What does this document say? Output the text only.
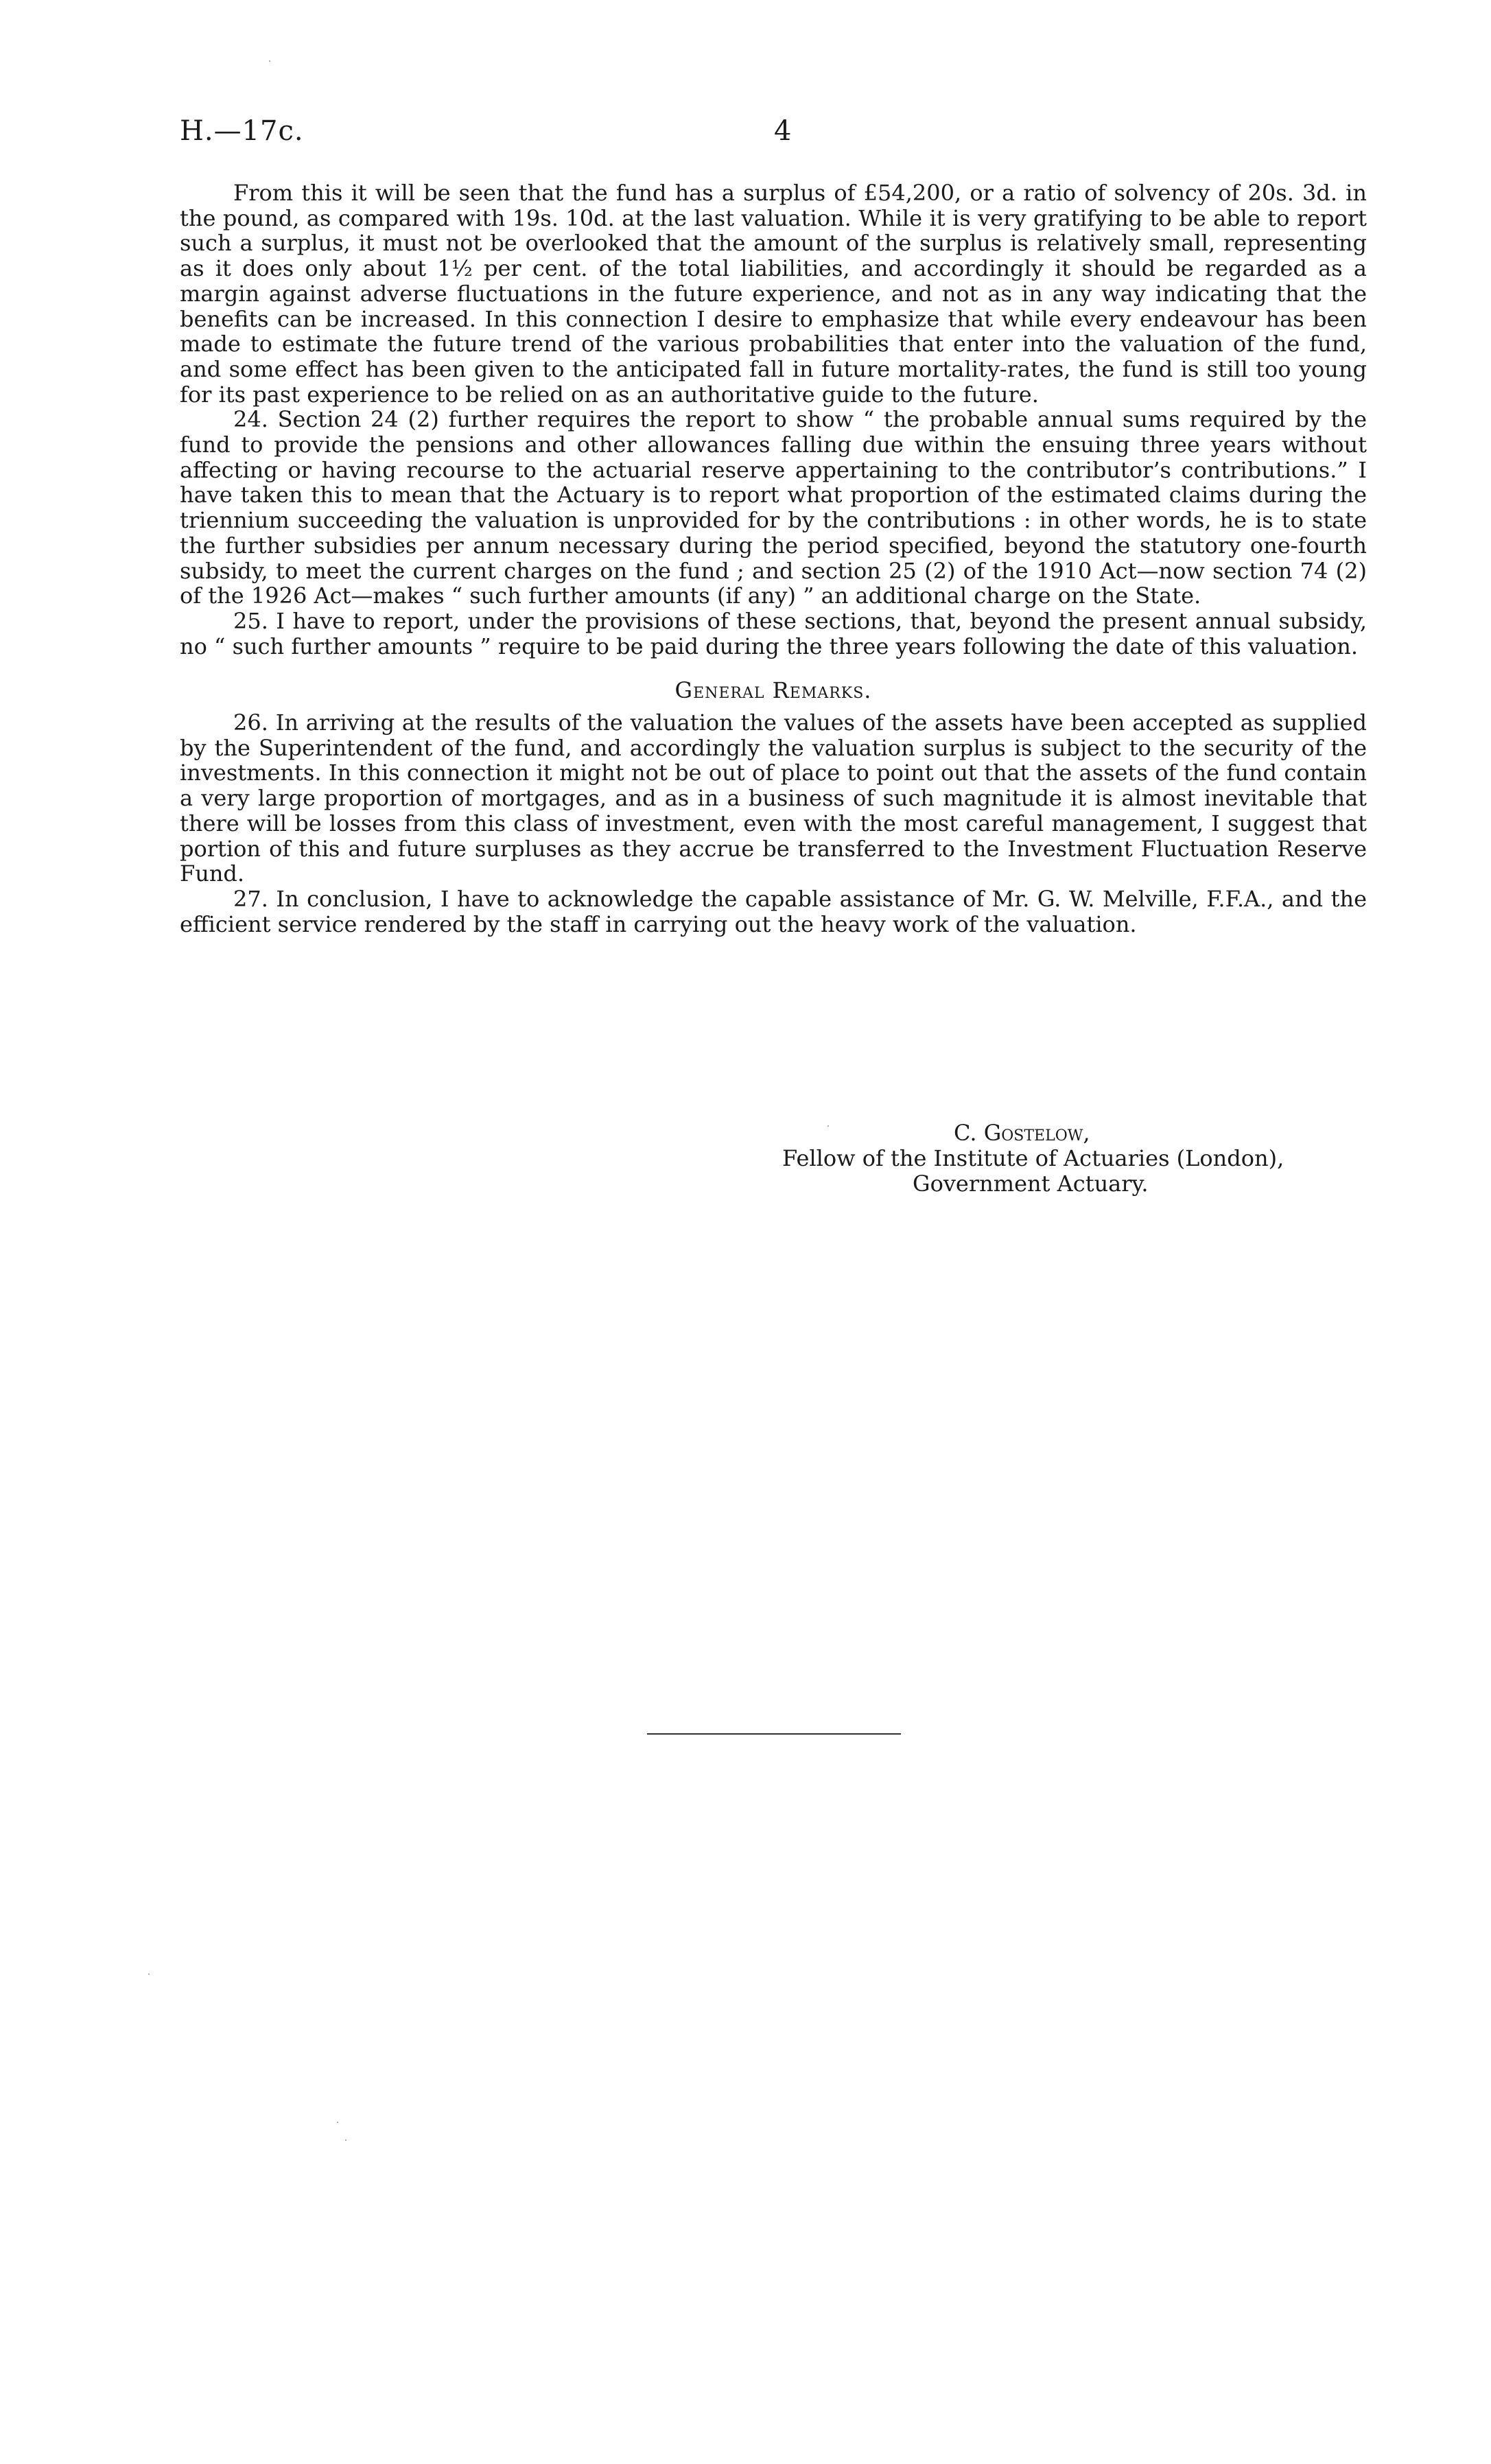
H.—17c.	4

From this it will be seen that the fund has a surplus of £54,200, or a ratio of solvency of 20s. 3d. in the pound, as compared with 19s. 10d. at the last valuation. While it is very gratifying to be able to report such a surplus, it must not be overlooked that the amount of the surplus is relatively small, representing as it does only about 1½ per cent. of the total liabilities, and accordingly it should be regarded as a margin against adverse fluctuations in the future experience, and not as in any way indicating that the benefits can be increased. In this connection I desire to emphasize that while every endeavour has been made to estimate the future trend of the various probabilities that enter into the valuation of the fund, and some effect has been given to the anticipated fall in future mortality-rates, the fund is still too young for its past experience to be relied on as an authoritative guide to the future.

24. Section 24 (2) further requires the report to show “ the probable annual sums required by the fund to provide the pensions and other allowances falling due within the ensuing three years without affecting or having recourse to the actuarial reserve appertaining to the contributor’s contributions.” I have taken this to mean that the Actuary is to report what proportion of the estimated claims during the triennium succeeding the valuation is unprovided for by the contributions : in other words, he is to state the further subsidies per annum necessary during the period specified, beyond the statutory one-fourth subsidy, to meet the current charges on the fund ; and section 25 (2) of the 1910 Act—now section 74 (2) of the 1926 Act—makes “ such further amounts (if any) ” an additional charge on the State.

25. I have to report, under the provisions of these sections, that, beyond the present annual subsidy, no “ such further amounts ” require to be paid during the three years following the date of this valuation.

General Remarks.

26. In arriving at the results of the valuation the values of the assets have been accepted as supplied by the Superintendent of the fund, and accordingly the valuation surplus is subject to the security of the investments. In this connection it might not be out of place to point out that the assets of the fund contain a very large proportion of mortgages, and as in a business of such magnitude it is almost inevitable that there will be losses from this class of investment, even with the most careful management, I suggest that portion of this and future surpluses as they accrue be transferred to the Investment Fluctuation Reserve Fund.

27. In conclusion, I have to acknowledge the capable assistance of Mr. G. W. Melville, F.F.A., and the efficient service rendered by the staff in carrying out the heavy work of the valuation.

C. Gostelow,
Fellow of the Institute of Actuaries (London),
Government Actuary.
